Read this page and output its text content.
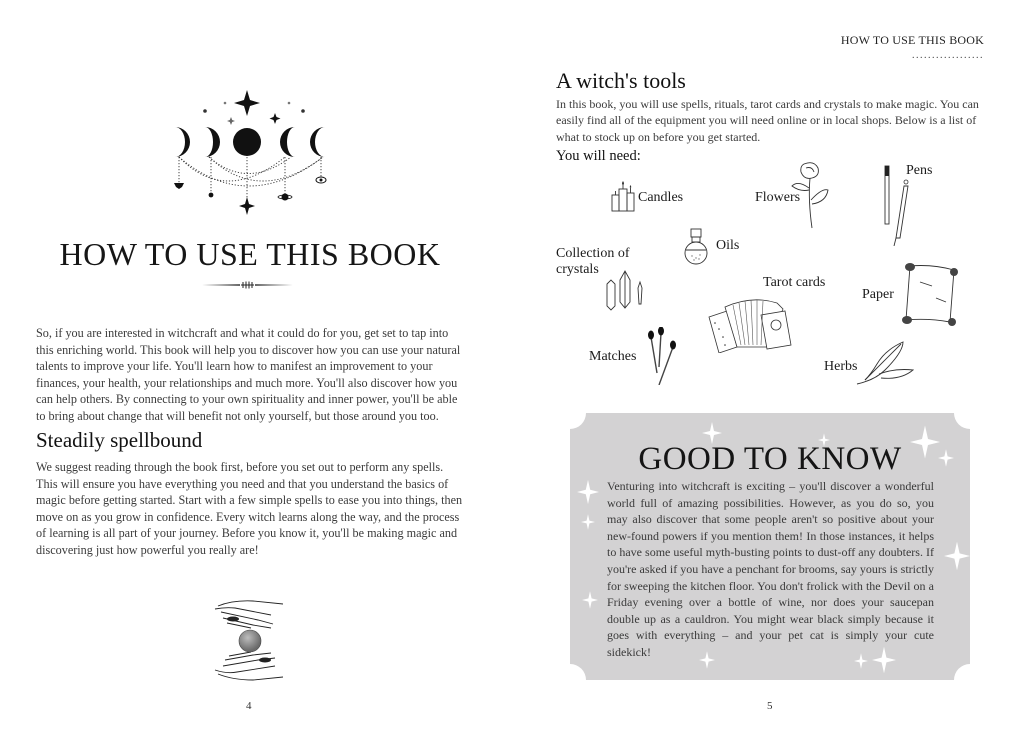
HOW TO USE THIS BOOK

So, if you are interested in witchcraft and what it could do for you, get set to tap into this enriching world. This book will help you to discover how you can use your natural talents to improve your life. You'll learn how to manifest an improvement to your finances, your health, your relationships and much more. You'll also discover how you can help others. By connecting to your own spirituality and inner power, you'll be able to bring about change that will benefit not only yourself, but those around you too.

Steadily spellbound

We suggest reading through the book first, before you set out to perform any spells. This will ensure you have everything you need and that you understand the basics of magic before getting started. Start with a few simple spells to ease you into things, then move on as you grow in confidence. Every witch learns along the way, and the process of learning is all part of your journey. Before you know it, you'll be making magic and discovering just how powerful you really are!

4
HOW TO USE THIS BOOK
..................
A witch's tools

In this book, you will use spells, rituals, tarot cards and crystals to make magic. You can easily find all of the equipment you will need online or in local shops. Below is a list of what to stock up on before you get started.

You will need:
Candles	Flowers
Pens
Oils
Collection of
crystals
Tarot cards
Paper
Matches
Herbs
GOOD TO KNOW

Venturing into witchcraft is exciting – you'll discover a wonderful world full of amazing possibilities. However, as you do so, you may also discover that some people aren't so positive about your new-found powers if you mention them! In those instances, it helps to have some useful myth-busting points to dust-off any doubters. If you're asked if you have a penchant for brooms, say yours is strictly for sweeping the kitchen floor. You don't frolick with the Devil on a Friday evening over a bottle of wine, nor does your saucepan double up as a cauldron. You might wear black simply because it goes with everything – and your pet cat is simply your cute sidekick!

5
